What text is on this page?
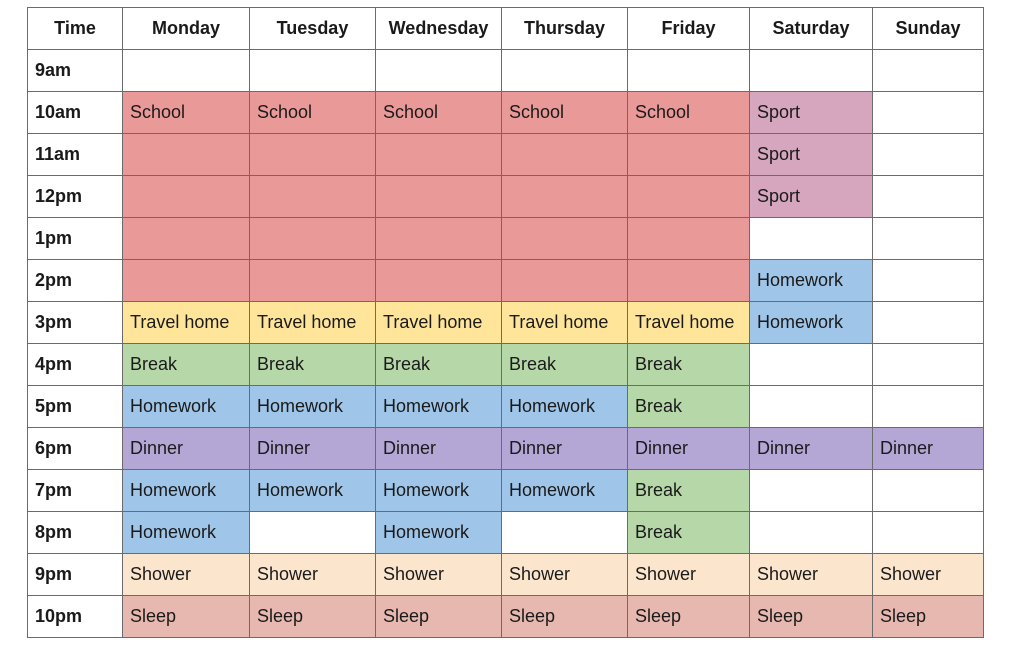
Time	Monday	Tuesday	Wednesday	Thursday	Friday	Saturday	Sunday
9am							
10am	School	School	School	School	School	Sport	
11am						Sport	
12pm						Sport	
1pm							
2pm						Homework	
3pm	Travel home	Travel home	Travel home	Travel home	Travel home	Homework	
4pm	Break	Break	Break	Break	Break		
5pm	Homework	Homework	Homework	Homework	Break		
6pm	Dinner	Dinner	Dinner	Dinner	Dinner	Dinner	Dinner
7pm	Homework	Homework	Homework	Homework	Break		
8pm	Homework		Homework		Break		
9pm	Shower	Shower	Shower	Shower	Shower	Shower	Shower
10pm	Sleep	Sleep	Sleep	Sleep	Sleep	Sleep	Sleep
